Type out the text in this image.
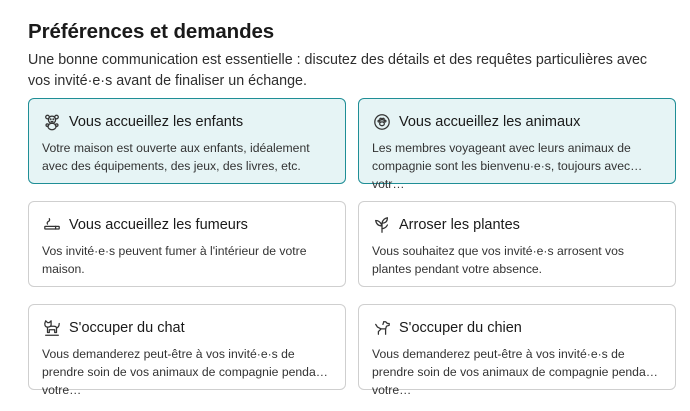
Préférences et demandes

Une bonne communication est essentielle : discutez des détails et des requêtes particulières avec vos invité·e·s avant de finaliser un échange.

Vous accueillez les enfants

Votre maison est ouverte aux enfants, idéalement avec des équipements, des jeux, des livres, etc.

Vous accueillez les animaux

Les membres voyageant avec leurs animaux de compagnie sont les bienvenu·e·s, toujours avec votr…

Vous accueillez les fumeurs

Vos invité·e·s peuvent fumer à l'intérieur de votre maison.

Arroser les plantes

Vous souhaitez que vos invité·e·s arrosent vos plantes pendant votre absence.

S'occuper du chat

Vous demanderez peut-être à vos invité·e·s de prendre soin de vos animaux de compagnie pendant votre…

S'occuper du chien

Vous demanderez peut-être à vos invité·e·s de prendre soin de vos animaux de compagnie pendant votre…
